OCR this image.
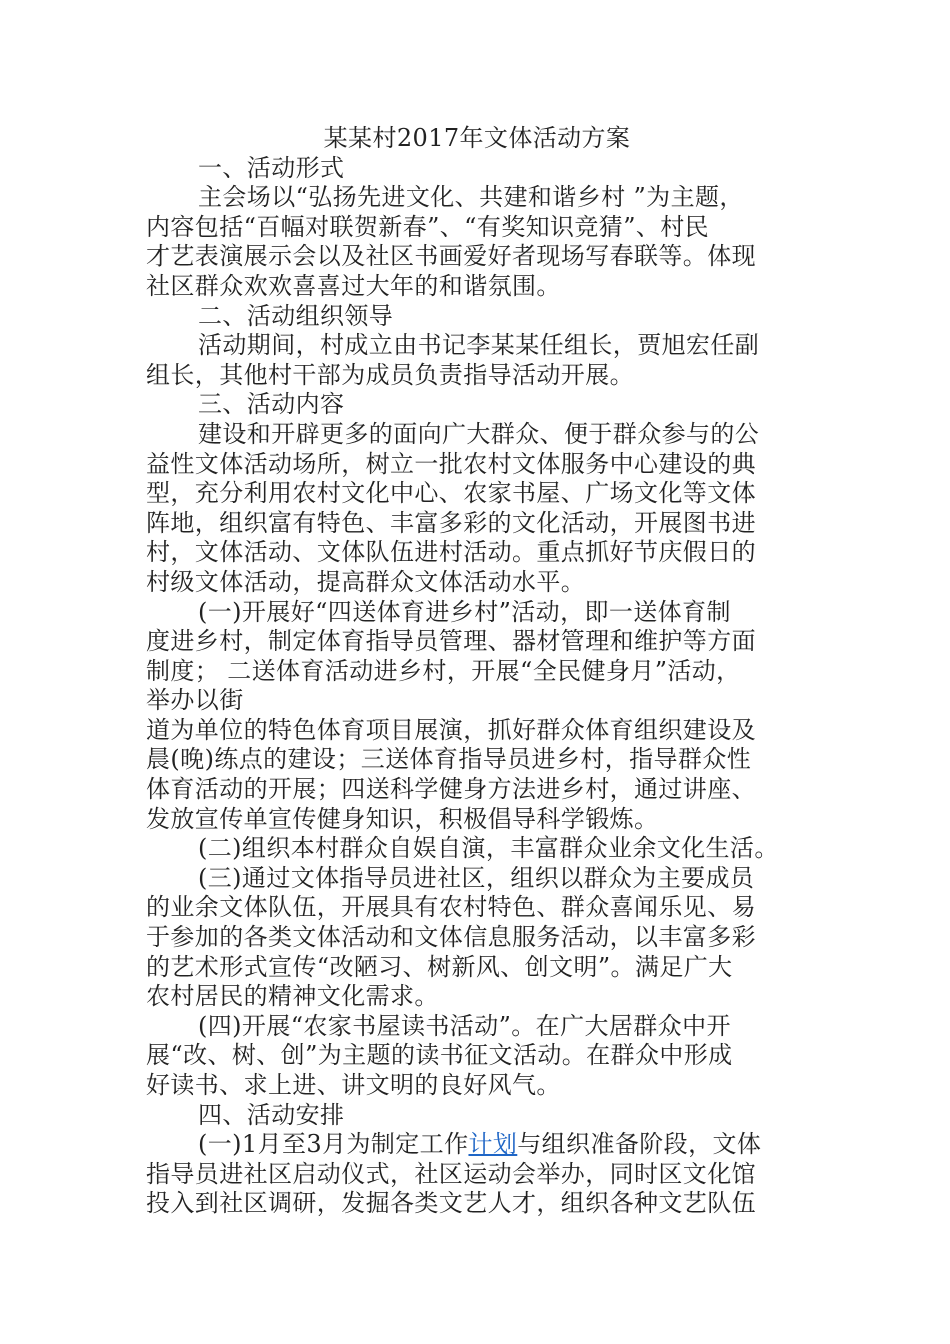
某某村2017年文体活动方案
一、活动形式
主会场以“弘扬先进文化、共建和谐乡村 ”为主题，
内容包括“百幅对联贺新春”、“有奖知识竞猜”、村民
才艺表演展示会以及社区书画爱好者现场写春联等。体现
社区群众欢欢喜喜过大年的和谐氛围。
二、活动组织领导
活动期间，村成立由书记李某某任组长，贾旭宏任副
组长，其他村干部为成员负责指导活动开展。
三、活动内容
建设和开辟更多的面向广大群众、便于群众参与的公
益性文体活动场所，树立一批农村文体服务中心建设的典
型，充分利用农村文化中心、农家书屋、广场文化等文体
阵地，组织富有特色、丰富多彩的文化活动，开展图书进
村，文体活动、文体队伍进村活动。重点抓好节庆假日的
村级文体活动，提高群众文体活动水平。
(一)开展好“四送体育进乡村”活动，即一送体育制
度进乡村，制定体育指导员管理、器材管理和维护等方面
制度； 二送体育活动进乡村，开展“全民健身月”活动，
举办以街
道为单位的特色体育项目展演，抓好群众体育组织建设及
晨(晚)练点的建设；三送体育指导员进乡村，指导群众性
体育活动的开展；四送科学健身方法进乡村，通过讲座、
发放宣传单宣传健身知识，积极倡导科学锻炼。
(二)组织本村群众自娱自演，丰富群众业余文化生活。
(三)通过文体指导员进社区，组织以群众为主要成员
的业余文体队伍，开展具有农村特色、群众喜闻乐见、易
于参加的各类文体活动和文体信息服务活动，以丰富多彩
的艺术形式宣传“改陋习、树新风、创文明”。满足广大
农村居民的精神文化需求。
(四)开展“农家书屋读书活动”。在广大居群众中开
展“改、树、创”为主题的读书征文活动。在群众中形成
好读书、求上进、讲文明的良好风气。
四、活动安排
(一)1月至3月为制定工作计划与组织准备阶段，文体
指导员进社区启动仪式，社区运动会举办，同时区文化馆
投入到社区调研，发掘各类文艺人才，组织各种文艺队伍
